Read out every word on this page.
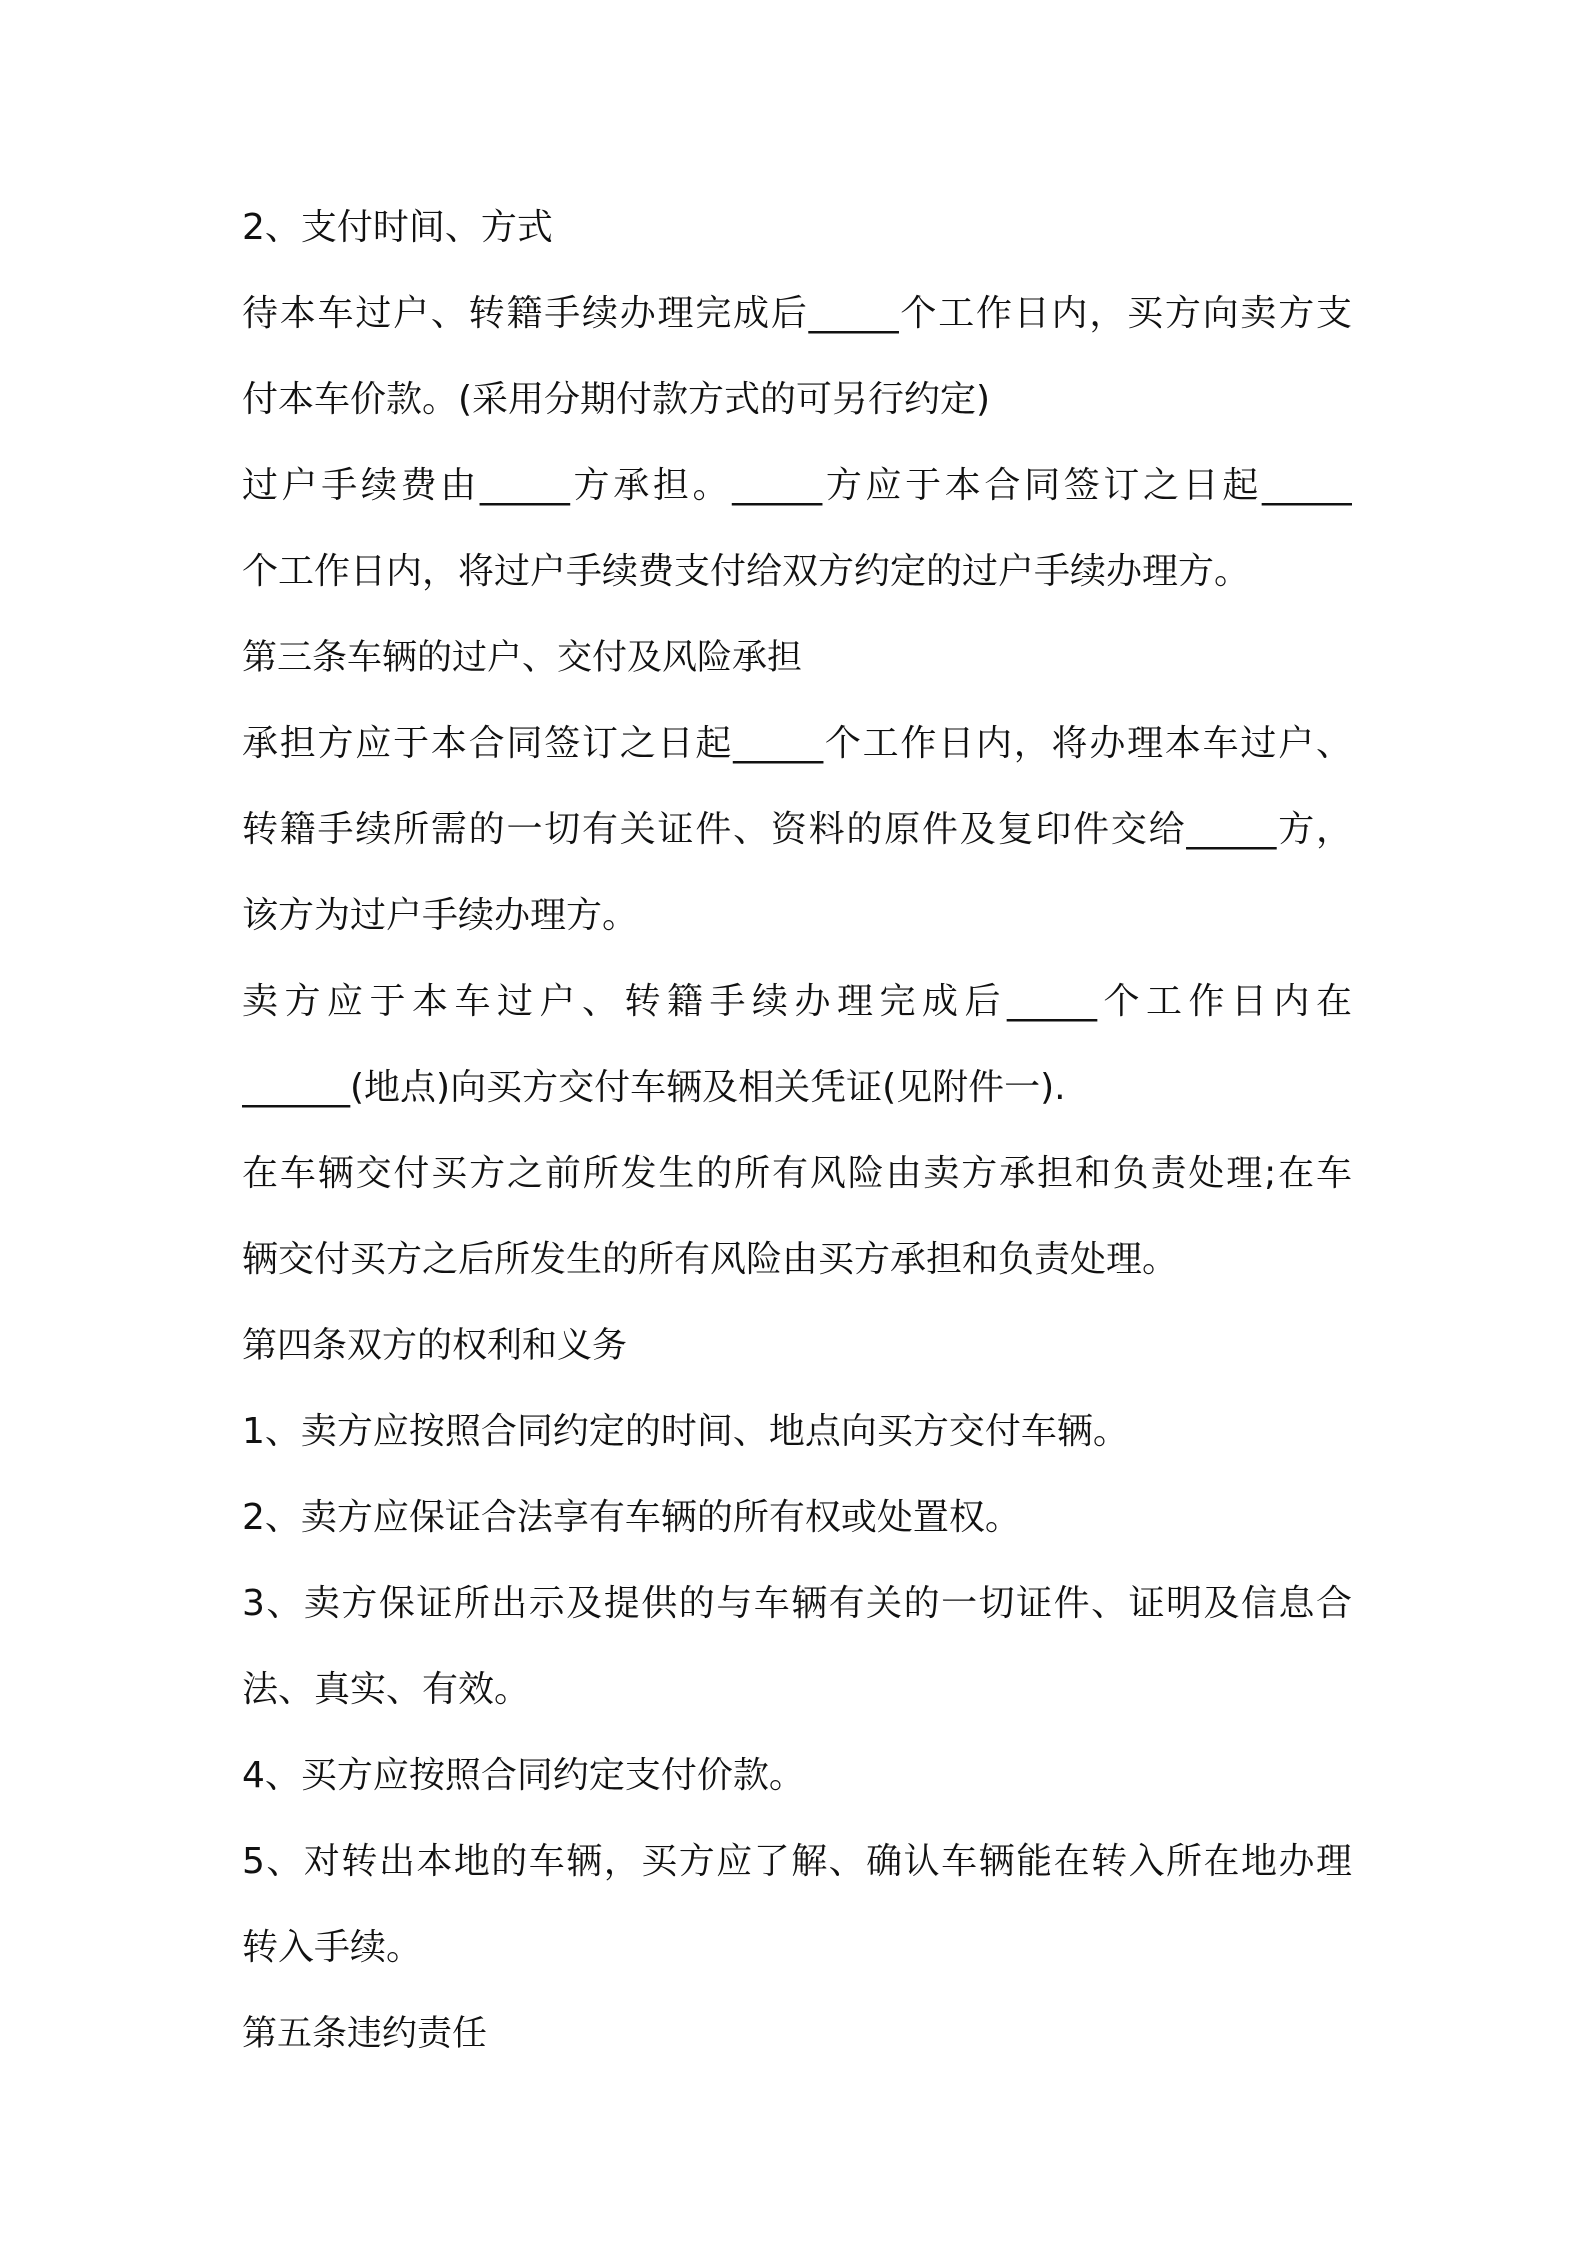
2、支付时间、方式
待本车过户、转籍手续办理完成后_____个工作日内，买方向卖方支
付本车价款。(采用分期付款方式的可另行约定)
过户手续费由_____方承担。_____方应于本合同签订之日起_____
个工作日内，将过户手续费支付给双方约定的过户手续办理方。
第三条车辆的过户、交付及风险承担
承担方应于本合同签订之日起_____个工作日内，将办理本车过户、
转籍手续所需的一切有关证件、资料的原件及复印件交给_____方，
该方为过户手续办理方。
卖方应于本车过户、转籍手续办理完成后_____个工作日内在
______(地点)向买方交付车辆及相关凭证(见附件一).
在车辆交付买方之前所发生的所有风险由卖方承担和负责处理;在车
辆交付买方之后所发生的所有风险由买方承担和负责处理。
第四条双方的权利和义务
1、卖方应按照合同约定的时间、地点向买方交付车辆。
2、卖方应保证合法享有车辆的所有权或处置权。
3、卖方保证所出示及提供的与车辆有关的一切证件、证明及信息合
法、真实、有效。
4、买方应按照合同约定支付价款。
5、对转出本地的车辆，买方应了解、确认车辆能在转入所在地办理
转入手续。
第五条违约责任
